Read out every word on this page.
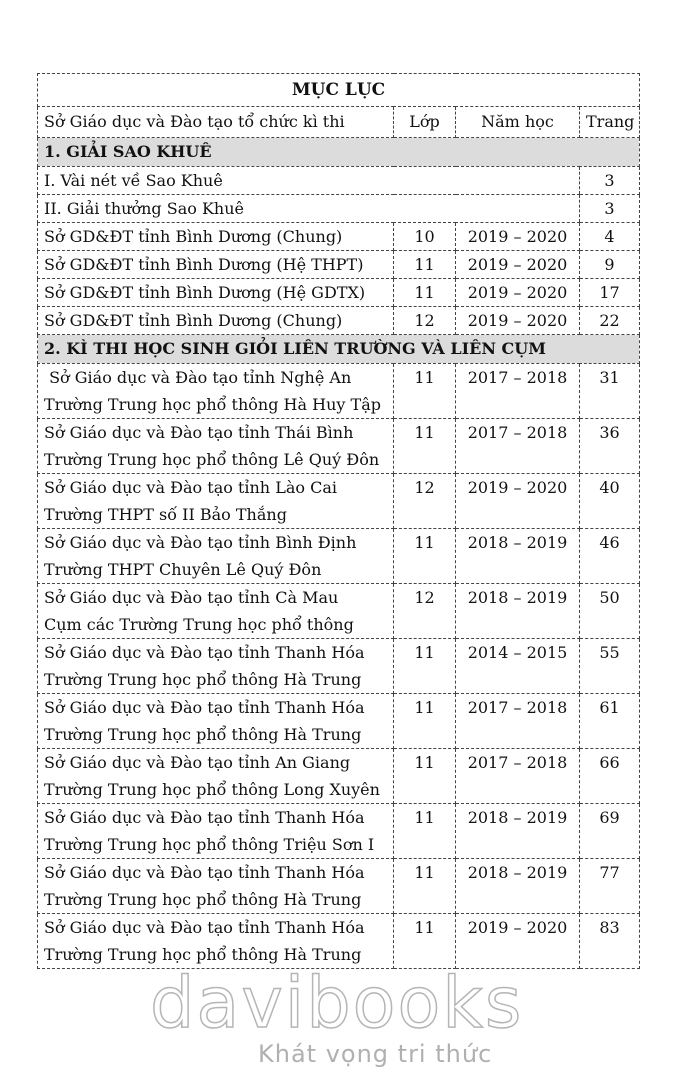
MỤC LỤC			
Sở Giáo dục và Đào tạo tổ chức kì thi	Lớp	Năm học	Trang
1. GIẢI SAO KHUÊ			
I. Vài nét về Sao Khuê			3
II. Giải thưởng Sao Khuê			3
Sở GD&ĐT tỉnh Bình Dương (Chung)	10	2019 – 2020	4
Sở GD&ĐT tỉnh Bình Dương (Hệ THPT)	11	2019 – 2020	9
Sở GD&ĐT tỉnh Bình Dương (Hệ GDTX)	11	2019 – 2020	17
Sở GD&ĐT tỉnh Bình Dương (Chung)	12	2019 – 2020	22
2. KÌ THI HỌC SINH GIỎI LIÊN TRƯỜNG VÀ LIÊN CỤM			

Sở Giáo dục và Đào tạo tỉnh Nghệ An
Trường Trung học phổ thông Hà Huy Tập	11	2017 – 2018	31

Sở Giáo dục và Đào tạo tỉnh Thái Bình
Trường Trung học phổ thông Lê Quý Đôn	11	2017 – 2018	36

Sở Giáo dục và Đào tạo tỉnh Lào Cai
Trường THPT số II Bảo Thắng	12	2019 – 2020	40

Sở Giáo dục và Đào tạo tỉnh Bình Định
Trường THPT Chuyên Lê Quý Đôn	11	2018 – 2019	46

Sở Giáo dục và Đào tạo tỉnh Cà Mau
Cụm các Trường Trung học phổ thông	12	2018 – 2019	50

Sở Giáo dục và Đào tạo tỉnh Thanh Hóa
Trường Trung học phổ thông Hà Trung	11	2014 – 2015	55

Sở Giáo dục và Đào tạo tỉnh Thanh Hóa
Trường Trung học phổ thông Hà Trung	11	2017 – 2018	61

Sở Giáo dục và Đào tạo tỉnh An Giang
Trường Trung học phổ thông Long Xuyên	11	2017 – 2018	66

Sở Giáo dục và Đào tạo tỉnh Thanh Hóa
Trường Trung học phổ thông Triệu Sơn I	11	2018 – 2019	69

Sở Giáo dục và Đào tạo tỉnh Thanh Hóa
Trường Trung học phổ thông Hà Trung	11	2018 – 2019	77

Sở Giáo dục và Đào tạo tỉnh Thanh Hóa
Trường Trung học phổ thông Hà Trung	11	2019 – 2020	83
davibooks
Khát vọng tri thức
